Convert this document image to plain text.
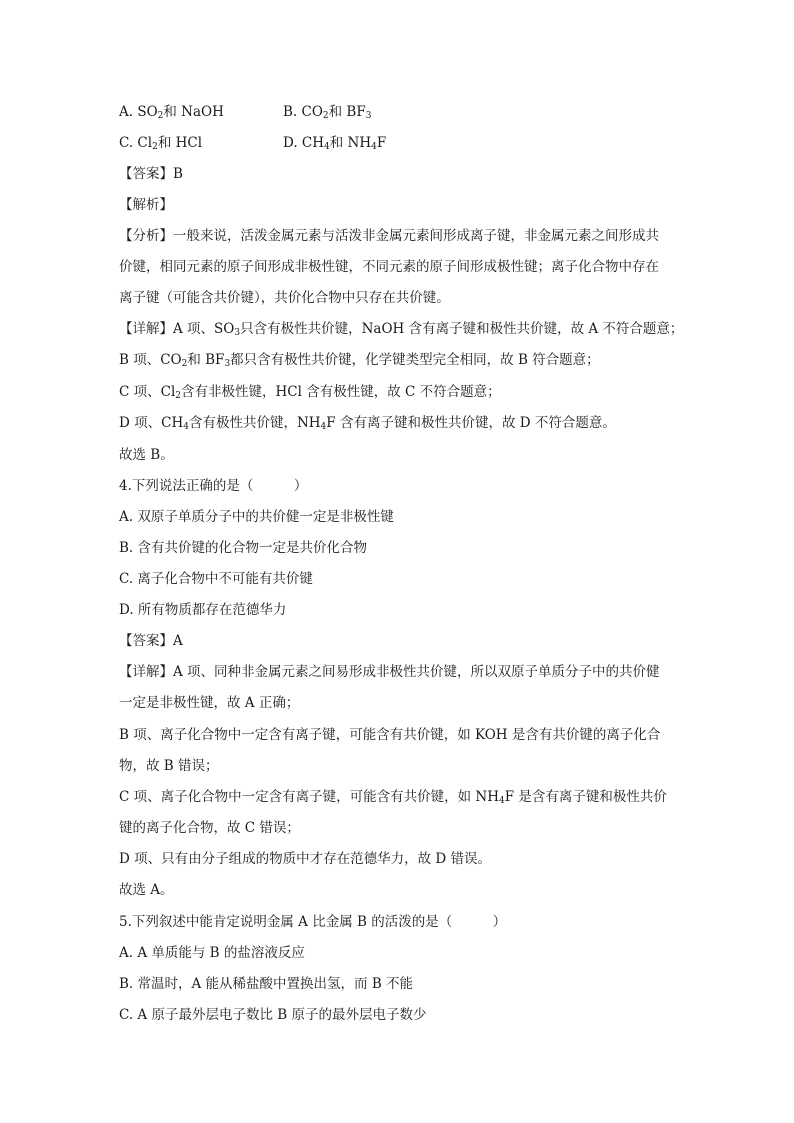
A. $SO_2$和 NaOH	B. $CO_2$和 $BF_3$
C. $Cl_2$和 HCl	D. $CH_4$和 $NH_4F$
【答案】B
【解析】
【分析】一般来说，活泼金属元素与活泼非金属元素间形成离子键，非金属元素之间形成共
价键，相同元素的原子间形成非极性键，不同元素的原子间形成极性键；离子化合物中存在
离子键（可能含共价键），共价化合物中只存在共价键。
【详解】A 项、$SO_3$只含有极性共价键，NaOH 含有离子键和极性共价键，故 A 不符合题意；
B 项、$CO_2$和 $BF_3$都只含有极性共价键，化学键类型完全相同，故 B 符合题意；
C 项、$Cl_2$含有非极性键，HCl 含有极性键，故 C 不符合题意；
D 项、$CH_4$含有极性共价键，$NH_4F$ 含有离子键和极性共价键，故 D 不符合题意。
故选 B。
4.下列说法正确的是（　　　）
A. 双原子单质分子中的共价健一定是非极性键
B. 含有共价键的化合物一定是共价化合物
C. 离子化合物中不可能有共价键
D. 所有物质都存在范德华力
【答案】A
【详解】A 项、同种非金属元素之间易形成非极性共价键，所以双原子单质分子中的共价健
一定是非极性键，故 A 正确；
B 项、离子化合物中一定含有离子键，可能含有共价键，如 KOH 是含有共价键的离子化合
物，故 B 错误；
C 项、离子化合物中一定含有离子键，可能含有共价键，如 $NH_4F$ 是含有离子键和极性共价
键的离子化合物，故 C 错误；
D 项、只有由分子组成的物质中才存在范德华力，故 D 错误。
故选 A。
5.下列叙述中能肯定说明金属 A 比金属 B 的活泼的是（　　　）
A. A 单质能与 B 的盐溶液反应
B. 常温时，A 能从稀盐酸中置换出氢，而 B 不能
C. A 原子最外层电子数比 B 原子的最外层电子数少
